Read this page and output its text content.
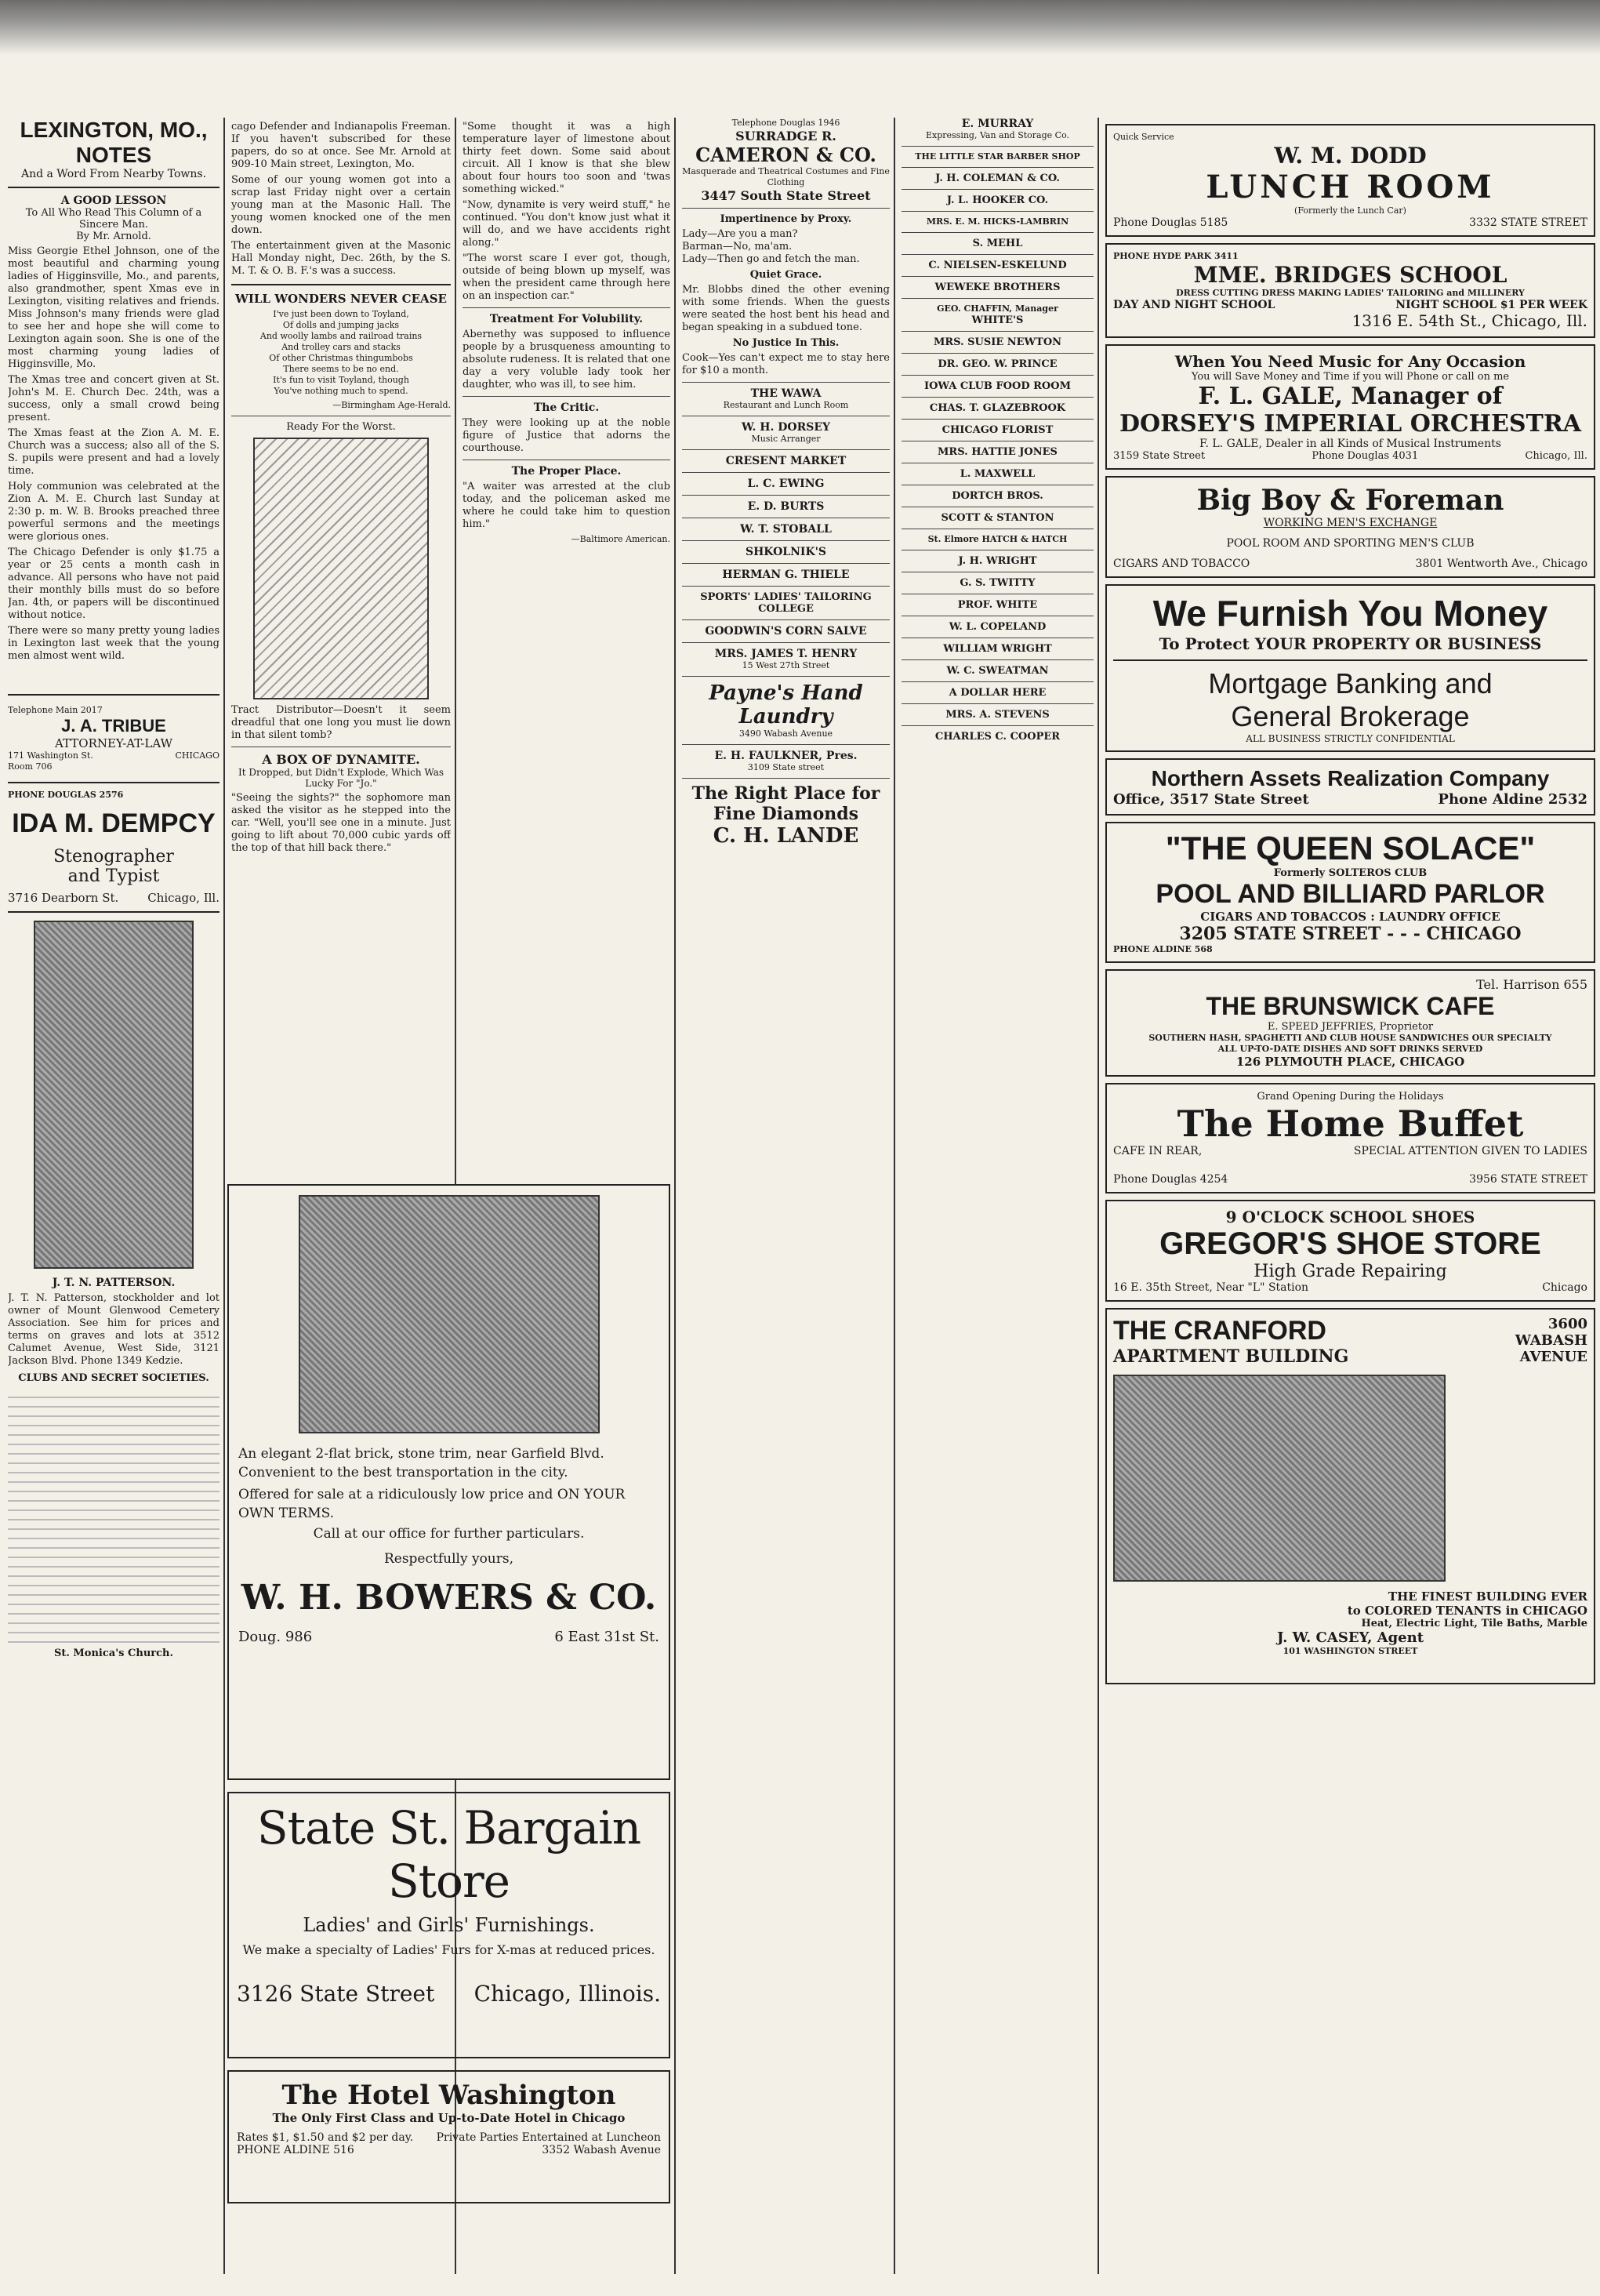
LEXINGTON, MO., NOTES
And a Word From Nearby Towns.
A GOOD LESSON
To All Who Read This Column of a Sincere Man.
By Mr. Arnold.

Miss Georgie Ethel Johnson, one of the most beautiful and charming young ladies of Higginsville, Mo., and parents, also grandmother, spent Xmas eve in Lexington, visiting relatives and friends. Miss Johnson's many friends were glad to see her and hope she will come to Lexington again soon. She is one of the most charming young ladies of Higginsville, Mo.

The Xmas tree and concert given at St. John's M. E. Church Dec. 24th, was a success, only a small crowd being present.

The Xmas feast at the Zion A. M. E. Church was a success; also all of the S. S. pupils were present and had a lovely time.

Holy communion was celebrated at the Zion A. M. E. Church last Sunday at 2:30 p. m. W. B. Brooks preached three powerful sermons and the meetings were glorious ones.

The Chicago Defender is only $1.75 a year or 25 cents a month cash in advance. All persons who have not paid their monthly bills must do so before Jan. 4th, or papers will be discontinued without notice.

There were so many pretty young ladies in Lexington last week that the young men almost went wild.

Telephone Main 2017
J. A. TRIBUE
ATTORNEY-AT-LAW
171 Washington St.	CHICAGO
Room 706
PHONE DOUGLAS 2576
IDA M. DEMPCY
Stenographer
and Typist
3716 Dearborn St. Chicago, Ill.
J. T. N. PATTERSON.

J. T. N. Patterson, stockholder and lot owner of Mount Glenwood Cemetery Association. See him for prices and terms on graves and lots at 3512 Calumet Avenue, West Side, 3121 Jackson Blvd. Phone 1349 Kedzie.

CLUBS AND SECRET SOCIETIES.
St. Monica's Church.

cago Defender and Indianapolis Freeman. If you haven't subscribed for these papers, do so at once. See Mr. Arnold at 909-10 Main street, Lexington, Mo.

Some of our young women got into a scrap last Friday night over a certain young man at the Masonic Hall. The young women knocked one of the men down.

The entertainment given at the Masonic Hall Monday night, Dec. 26th, by the S. M. T. & O. B. F.'s was a success.

WILL WONDERS NEVER CEASE

I've just been down to Toyland,
Of dolls and jumping jacks
And woolly lambs and railroad trains
And trolley cars and stacks
Of other Christmas thingumbobs
There seems to be no end.
It's fun to visit Toyland, though
You've nothing much to spend.

—Birmingham Age-Herald.
Ready For the Worst.

Tract Distributor—Doesn't it seem dreadful that one long you must lie down in that silent tomb?

A BOX OF DYNAMITE.
It Dropped, but Didn't Explode, Which Was Lucky For "Jo."

"Seeing the sights?" the sophomore man asked the visitor as he stepped into the car. "Well, you'll see one in a minute. Just going to lift about 70,000 cubic yards off the top of that hill back there."

An elegant 2-flat brick, stone trim, near Garfield Blvd. Convenient to the best transportation in the city.

Offered for sale at a ridiculously low price and ON YOUR OWN TERMS.

Call at our office for further particulars.

Respectfully yours,

W. H. BOWERS & CO.
Doug. 986	6 East 31st St.
State St. Bargain Store
Ladies' and Girls' Furnishings.
We make a specialty of Ladies' Furs for X-mas at reduced prices.
3126 State Street Chicago, Illinois.
The Hotel Washington
The Only First Class and Up-to-Date Hotel in Chicago
Rates $1, $1.50 and $2 per day. Private Parties Entertained at Luncheon
PHONE ALDINE 516	3352 Wabash Avenue

"Some thought it was a high temperature layer of limestone about thirty feet down. Some said about circuit. All I know is that she blew about four hours too soon and 'twas something wicked."

"Now, dynamite is very weird stuff," he continued. "You don't know just what it will do, and we have accidents right along."

"The worst scare I ever got, though, outside of being blown up myself, was when the president came through here on an inspection car."

Treatment For Volubility.

Abernethy was supposed to influence people by a brusqueness amounting to absolute rudeness. It is related that one day a very voluble lady took her daughter, who was ill, to see him.

The Critic.

They were looking up at the noble figure of Justice that adorns the courthouse.

The Proper Place.

"A waiter was arrested at the club today, and the policeman asked me where he could take him to question him."

—Baltimore American.
Telephone Douglas 1946
SURRADGE R.
CAMERON & CO.
Masquerade and Theatrical Costumes and Fine Clothing
3447 South State Street
Impertinence by Proxy.

Lady—Are you a man?
Barman—No, ma'am.
Lady—Then go and fetch the man.

Quiet Grace.

Mr. Blobbs dined the other evening with some friends. When the guests were seated the host bent his head and began speaking in a subdued tone.

No Justice In This.

Cook—Yes can't expect me to stay here for $10 a month.

THE WAWA
Restaurant and Lunch Room
W. H. DORSEY
Music Arranger
CRESENT MARKET
L. C. EWING
E. D. BURTS
W. T. STOBALL
SHKOLNIK'S
HERMAN G. THIELE
SPORTS' LADIES' TAILORING COLLEGE
GOODWIN'S CORN SALVE
MRS. JAMES T. HENRY
15 West 27th Street
Payne's Hand Laundry
3490 Wabash Avenue
E. H. FAULKNER, Pres.
3109 State street
The Right Place for Fine Diamonds
C. H. LANDE
E. MURRAY
Expressing, Van and Storage Co.
THE LITTLE STAR BARBER SHOP
J. H. COLEMAN & CO.
J. L. HOOKER CO.
MRS. E. M. HICKS-LAMBRIN
S. MEHL
C. NIELSEN-ESKELUND
WEWEKE BROTHERS
GEO. CHAFFIN, Manager
WHITE'S
MRS. SUSIE NEWTON
DR. GEO. W. PRINCE
IOWA CLUB FOOD ROOM
CHAS. T. GLAZEBROOK
CHICAGO FLORIST
MRS. HATTIE JONES
L. MAXWELL
DORTCH BROS.
SCOTT & STANTON
St. Elmore HATCH & HATCH
J. H. WRIGHT
G. S. TWITTY
PROF. WHITE
W. L. COPELAND
WILLIAM WRIGHT
W. C. SWEATMAN
A DOLLAR HERE
MRS. A. STEVENS
CHARLES C. COOPER
Quick Service
W. M. DODD
LUNCH ROOM
(Formerly the Lunch Car)
Phone Douglas 5185	3332 STATE STREET
PHONE HYDE PARK 3411
MME. BRIDGES SCHOOL
DRESS CUTTING DRESS MAKING LADIES' TAILORING and MILLINERY
DAY AND NIGHT SCHOOL	NIGHT SCHOOL $1 PER WEEK
1316 E. 54th St., Chicago, Ill.
When You Need Music for Any Occasion
You will Save Money and Time if you will Phone or call on me
F. L. GALE, Manager of
DORSEY'S IMPERIAL ORCHESTRA
F. L. GALE, Dealer in all Kinds of Musical Instruments
3159 State Street	Phone Douglas 4031	Chicago, Ill.
Big Boy & Foreman
WORKING MEN'S EXCHANGE
POOL ROOM AND SPORTING MEN'S CLUB
CIGARS AND TOBACCO	3801 Wentworth Ave., Chicago
We Furnish You Money
To Protect YOUR PROPERTY OR BUSINESS
Mortgage Banking and
General Brokerage
ALL BUSINESS STRICTLY CONFIDENTIAL
Northern Assets Realization Company
Office, 3517 State Street	Phone Aldine 2532
"THE QUEEN SOLACE"
Formerly SOLTEROS CLUB
POOL AND BILLIARD PARLOR
CIGARS AND TOBACCOS : LAUNDRY OFFICE
3205 STATE STREET - - - CHICAGO
PHONE ALDINE 568
Tel. Harrison 655
THE BRUNSWICK CAFE
E. SPEED JEFFRIES, Proprietor
SOUTHERN HASH, SPAGHETTI AND CLUB HOUSE SANDWICHES OUR SPECIALTY
ALL UP-TO-DATE DISHES AND SOFT DRINKS SERVED
126 PLYMOUTH PLACE, CHICAGO
Grand Opening During the Holidays
The Home Buffet
CAFE IN REAR,	SPECIAL ATTENTION GIVEN TO LADIES
Phone Douglas 4254	3956 STATE STREET
9 O'CLOCK SCHOOL SHOES
GREGOR'S SHOE STORE
High Grade Repairing
16 E. 35th Street, Near "L" Station	Chicago
THE CRANFORD
APARTMENT BUILDING
3600 WABASH AVENUE
THE FINEST BUILDING EVER
to COLORED TENANTS in CHICAGO
Heat, Electric Light, Tile Baths, Marble
J. W. CASEY, Agent
101 WASHINGTON STREET
